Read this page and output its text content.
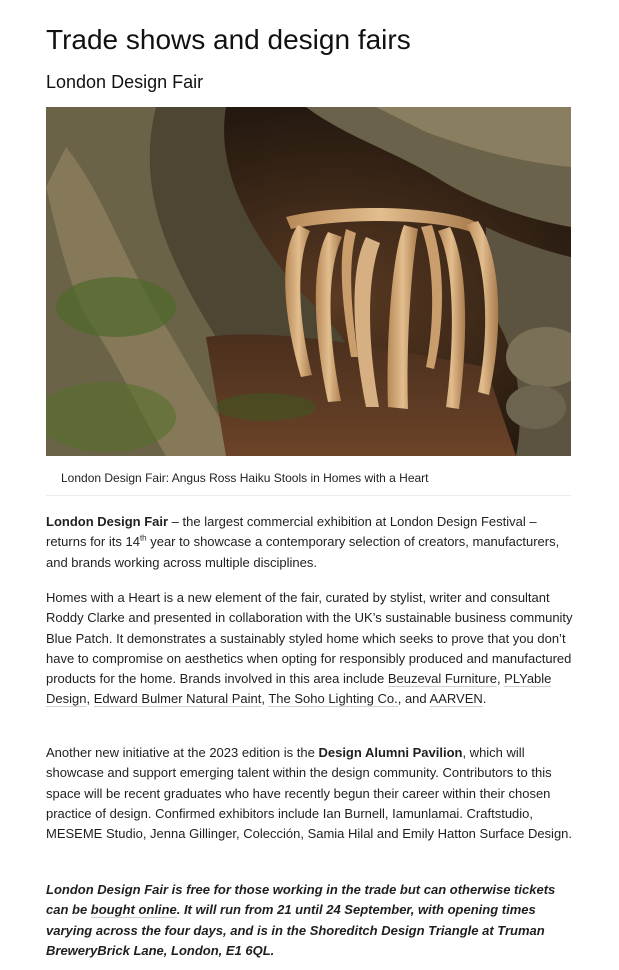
Trade shows and design fairs
London Design Fair
London Design Fair: Angus Ross Haiku Stools in Homes with a Heart

London Design Fair – the largest commercial exhibition at London Design Festival – returns for its 14th year to showcase a contemporary selection of creators, manufacturers, and brands working across multiple disciplines.

Homes with a Heart is a new element of the fair, curated by stylist, writer and consultant Roddy Clarke and presented in collaboration with the UK’s sustainable business community Blue Patch. It demonstrates a sustainably styled home which seeks to prove that you don’t have to compromise on aesthetics when opting for responsibly produced and manufactured products for the home. Brands involved in this area include Beuzeval Furniture, PLYable Design, Edward Bulmer Natural Paint, The Soho Lighting Co., and AARVEN.

Another new initiative at the 2023 edition is the Design Alumni Pavilion, which will showcase and support emerging talent within the design community. Contributors to this space will be recent graduates who have recently begun their career within their chosen practice of design. Confirmed exhibitors include Ian Burnell, Iamunlamai. Craftstudio, MESEME Studio, Jenna Gillinger, Colección, Samia Hilal and Emily Hatton Surface Design.

London Design Fair is free for those working in the trade but can otherwise tickets can be bought online. It will run from 21 until 24 September, with opening times varying across the four days, and is in the Shoreditch Design Triangle at Truman BreweryBrick Lane, London, E1 6QL.
